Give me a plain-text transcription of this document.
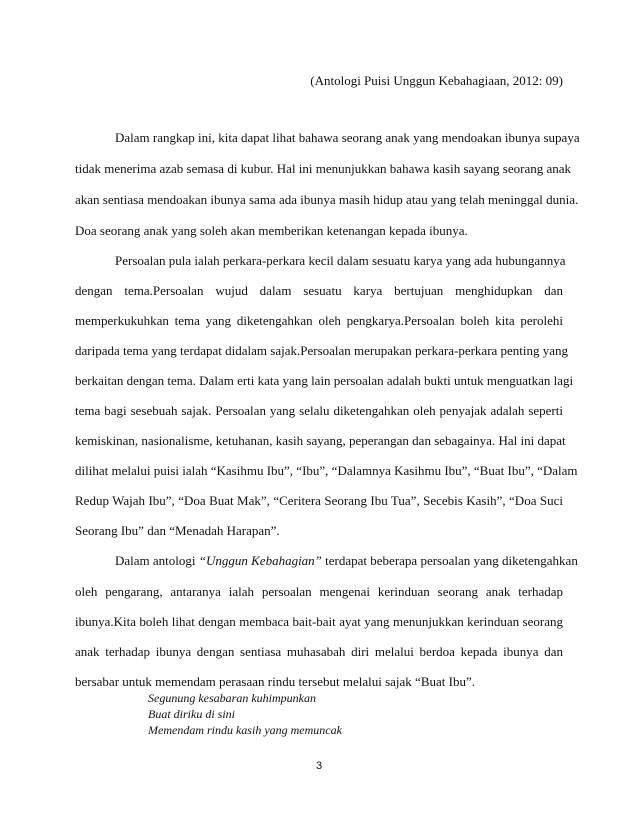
(Antologi Puisi Unggun Kebahagiaan, 2012: 09)
Dalam rangkap ini, kita dapat lihat bahawa seorang anak yang mendoakan ibunya supaya
tidak menerima azab semasa di kubur. Hal ini menunjukkan bahawa kasih sayang seorang anak
akan sentiasa mendoakan ibunya sama ada ibunya masih hidup atau yang telah meninggal dunia.
Doa seorang anak yang soleh akan memberikan ketenangan kepada ibunya.
Persoalan pula ialah perkara-perkara kecil dalam sesuatu karya yang ada hubungannya
dengan tema.Persoalan wujud dalam sesuatu karya bertujuan menghidupkan dan
memperkukuhkan tema yang diketengahkan oleh pengkarya.Persoalan boleh kita perolehi
daripada tema yang terdapat didalam sajak.Persoalan merupakan perkara-perkara penting yang
berkaitan dengan tema. Dalam erti kata yang lain persoalan adalah bukti untuk menguatkan lagi
tema bagi sesebuah sajak. Persoalan yang selalu diketengahkan oleh penyajak adalah seperti
kemiskinan, nasionalisme, ketuhanan, kasih sayang, peperangan dan sebagainya. Hal ini dapat
dilihat melalui puisi ialah “Kasihmu Ibu”, “Ibu”, “Dalamnya Kasihmu Ibu”, “Buat Ibu”, “Dalam
Redup Wajah Ibu”, “Doa Buat Mak”, “Ceritera Seorang Ibu Tua”, Secebis Kasih”, “Doa Suci
Seorang Ibu” dan “Menadah Harapan”.
Dalam antologi “Unggun Kebahagian” terdapat beberapa persoalan yang diketengahkan
oleh pengarang, antaranya ialah persoalan mengenai kerinduan seorang anak terhadap
ibunya.Kita boleh lihat dengan membaca bait-bait ayat yang menunjukkan kerinduan seorang
anak terhadap ibunya dengan sentiasa muhasabah diri melalui berdoa kepada ibunya dan
bersabar untuk memendam perasaan rindu tersebut melalui sajak “Buat Ibu”.
Segunung kesabaran kuhimpunkan
Buat diriku di sini
Memendam rindu kasih yang memuncak
3
